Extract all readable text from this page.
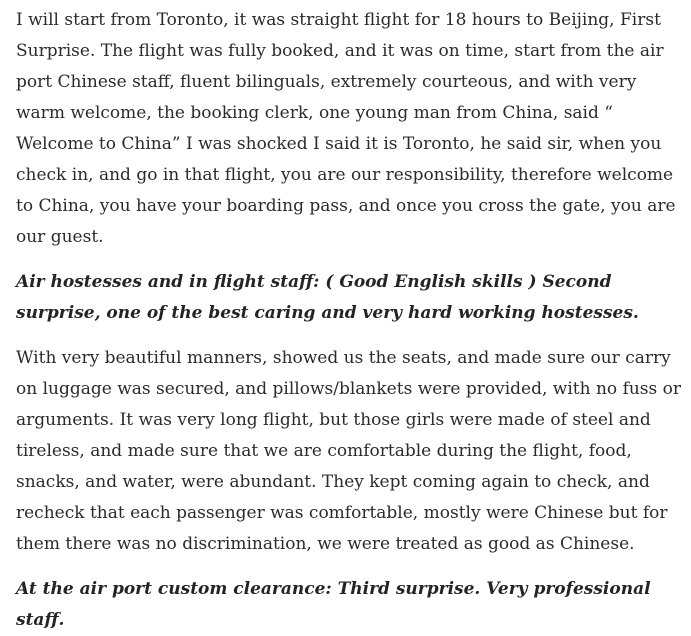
I will start from Toronto, it was straight flight for 18 hours to Beijing, First Surprise. The flight was fully booked, and it was on time, start from the air port Chinese staff, fluent bilinguals, extremely courteous, and with very warm welcome, the booking clerk, one young man from China, said “ Welcome to China” I was shocked I said it is Toronto, he said sir, when you check in, and go in that flight, you are our responsibility, therefore welcome to China, you have your boarding pass, and once you cross the gate, you are our guest.

Air hostesses and in flight staff: ( Good English skills ) Second surprise, one of the best caring and very hard working hostesses.

With very beautiful manners, showed us the seats, and made sure our carry on luggage was secured, and pillows/blankets were provided, with no fuss or arguments. It was very long flight, but those girls were made of steel and tireless, and made sure that we are comfortable during the flight, food, snacks, and water, were abundant. They kept coming again to check, and recheck that each passenger was comfortable, mostly were Chinese but for them there was no discrimination, we were treated as good as Chinese.

At the air port custom clearance: Third surprise. Very professional staff.
